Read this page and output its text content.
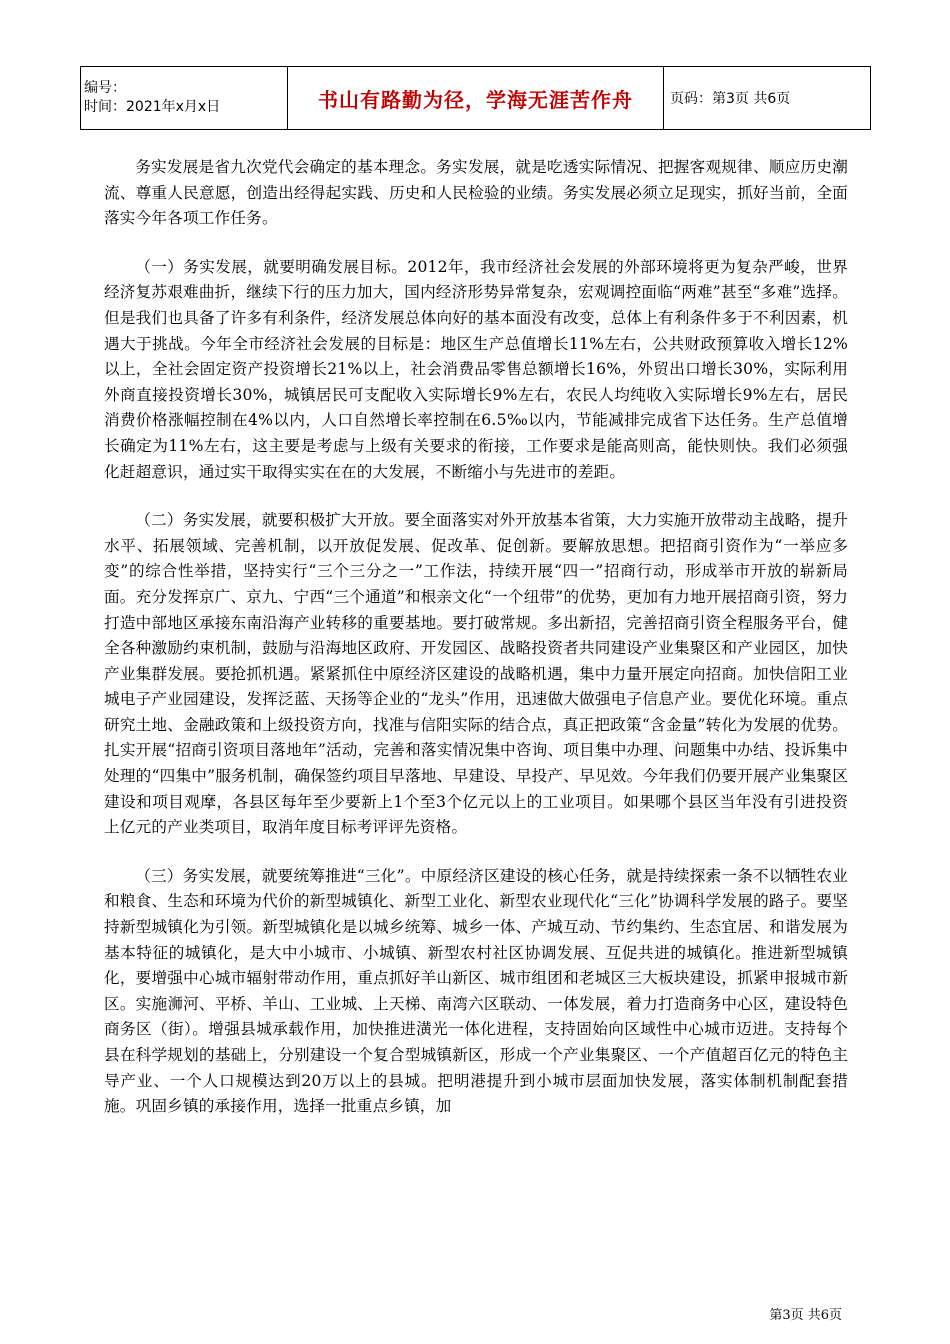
编号：
时间：2021年x月x日	书山有路勤为径，学海无涯苦作舟	页码：第3页 共6页

务实发展是省九次党代会确定的基本理念。务实发展，就是吃透实际情况、把握客观规律、顺应历史潮流、尊重人民意愿，创造出经得起实践、历史和人民检验的业绩。务实发展必须立足现实，抓好当前，全面落实今年各项工作任务。

（一）务实发展，就要明确发展目标。2012年，我市经济社会发展的外部环境将更为复杂严峻，世界经济复苏艰难曲折，继续下行的压力加大，国内经济形势异常复杂，宏观调控面临“两难”甚至“多难”选择。但是我们也具备了许多有利条件，经济发展总体向好的基本面没有改变，总体上有利条件多于不利因素，机遇大于挑战。今年全市经济社会发展的目标是：地区生产总值增长11%左右，公共财政预算收入增长12%以上，全社会固定资产投资增长21%以上，社会消费品零售总额增长16%，外贸出口增长30%，实际利用外商直接投资增长30%，城镇居民可支配收入实际增长9%左右，农民人均纯收入实际增长9%左右，居民消费价格涨幅控制在4%以内，人口自然增长率控制在6.5‰以内，节能减排完成省下达任务。生产总值增长确定为11%左右，这主要是考虑与上级有关要求的衔接，工作要求是能高则高，能快则快。我们必须强化赶超意识，通过实干取得实实在在的大发展，不断缩小与先进市的差距。

（二）务实发展，就要积极扩大开放。要全面落实对外开放基本省策，大力实施开放带动主战略，提升水平、拓展领域、完善机制，以开放促发展、促改革、促创新。要解放思想。把招商引资作为“一举应多变”的综合性举措，坚持实行“三个三分之一”工作法，持续开展“四一”招商行动，形成举市开放的崭新局面。充分发挥京广、京九、宁西“三个通道”和根亲文化“一个纽带”的优势，更加有力地开展招商引资，努力打造中部地区承接东南沿海产业转移的重要基地。要打破常规。多出新招，完善招商引资全程服务平台，健全各种激励约束机制，鼓励与沿海地区政府、开发园区、战略投资者共同建设产业集聚区和产业园区，加快产业集群发展。要抢抓机遇。紧紧抓住中原经济区建设的战略机遇，集中力量开展定向招商。加快信阳工业城电子产业园建设，发挥泛蓝、天扬等企业的“龙头”作用，迅速做大做强电子信息产业。要优化环境。重点研究土地、金融政策和上级投资方向，找准与信阳实际的结合点，真正把政策“含金量”转化为发展的优势。扎实开展“招商引资项目落地年”活动，完善和落实情况集中咨询、项目集中办理、问题集中办结、投诉集中处理的“四集中”服务机制，确保签约项目早落地、早建设、早投产、早见效。今年我们仍要开展产业集聚区建设和项目观摩，各县区每年至少要新上1个至3个亿元以上的工业项目。如果哪个县区当年没有引进投资上亿元的产业类项目，取消年度目标考评评先资格。

（三）务实发展，就要统筹推进“三化”。中原经济区建设的核心任务，就是持续探索一条不以牺牲农业和粮食、生态和环境为代价的新型城镇化、新型工业化、新型农业现代化“三化”协调科学发展的路子。要坚持新型城镇化为引领。新型城镇化是以城乡统筹、城乡一体、产城互动、节约集约、生态宜居、和谐发展为基本特征的城镇化，是大中小城市、小城镇、新型农村社区协调发展、互促共进的城镇化。推进新型城镇化，要增强中心城市辐射带动作用，重点抓好羊山新区、城市组团和老城区三大板块建设，抓紧申报城市新区。实施浉河、平桥、羊山、工业城、上天梯、南湾六区联动、一体发展，着力打造商务中心区，建设特色商务区（街）。增强县城承载作用，加快推进潢光一体化进程，支持固始向区域性中心城市迈进。支持每个县在科学规划的基础上，分别建设一个复合型城镇新区，形成一个产业集聚区、一个产值超百亿元的特色主导产业、一个人口规模达到20万以上的县城。把明港提升到小城市层面加快发展，落实体制机制配套措施。巩固乡镇的承接作用，选择一批重点乡镇，加

第3页 共6页
